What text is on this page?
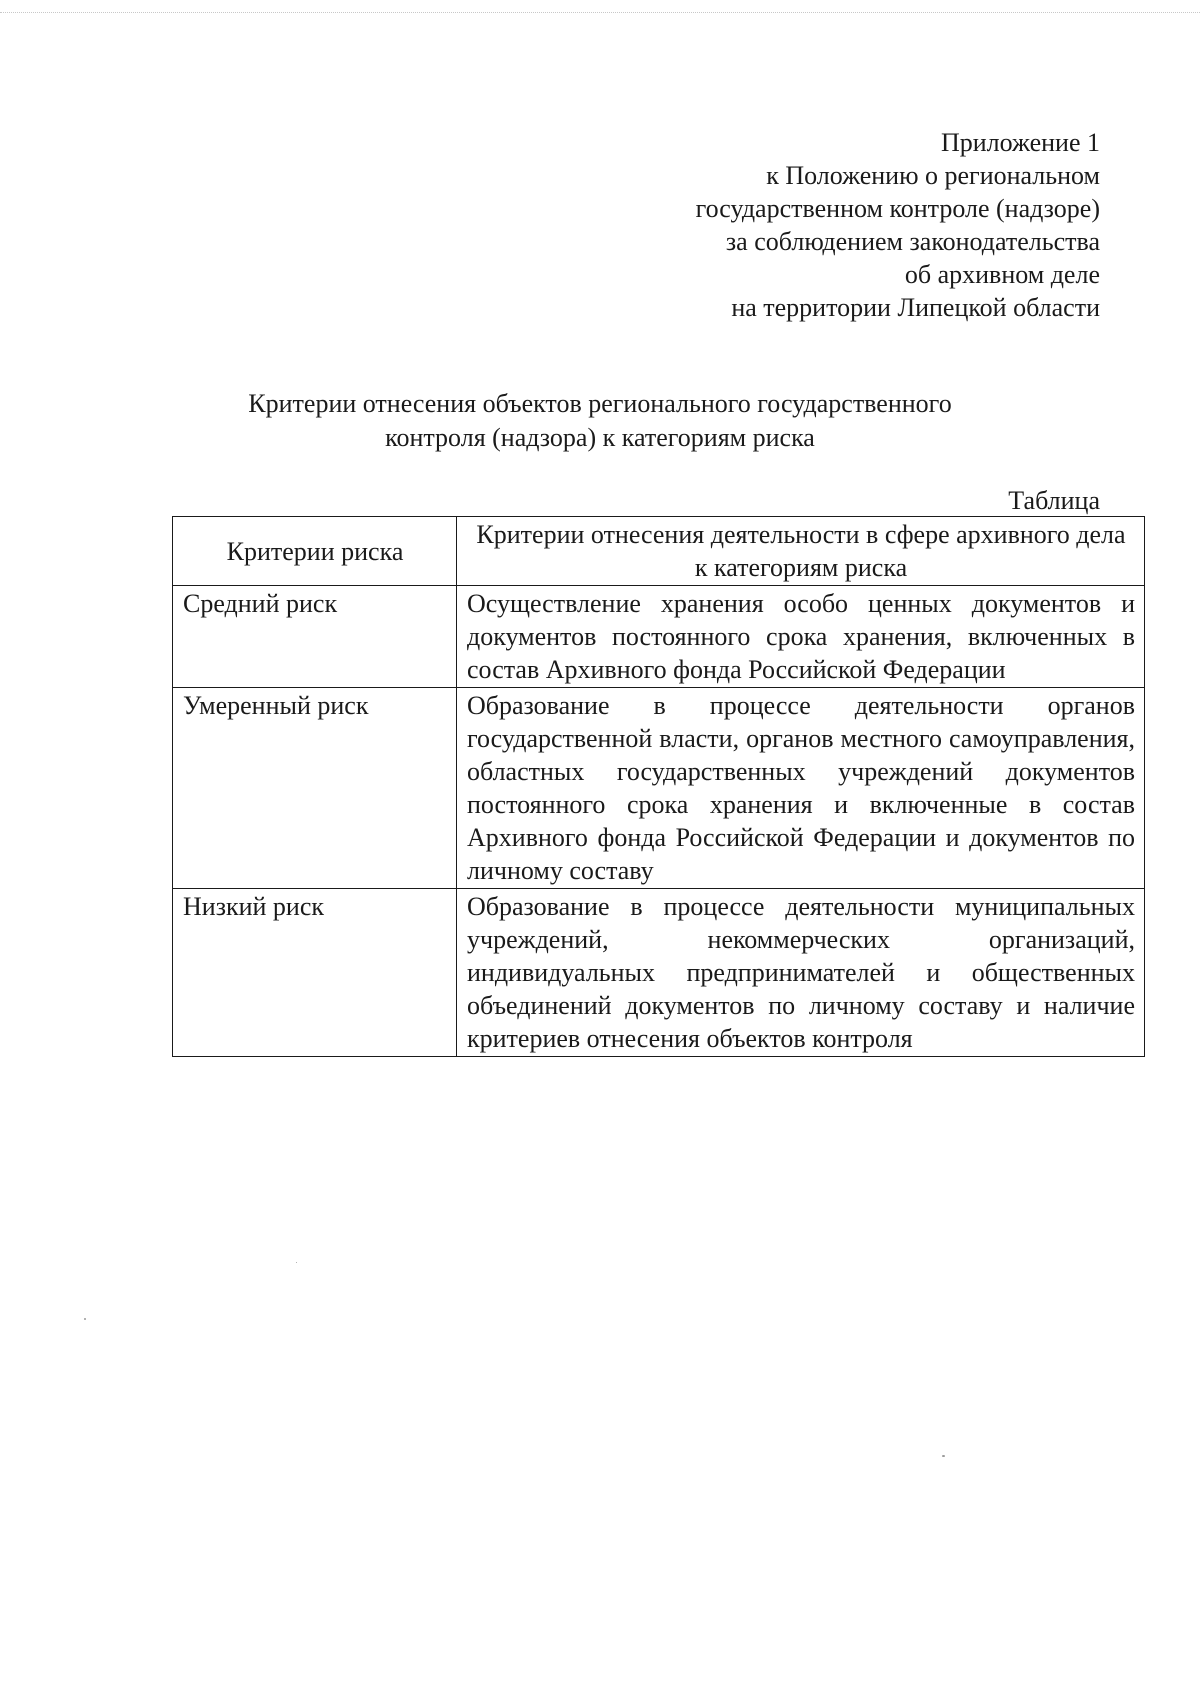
Приложение 1
к Положению о региональном
государственном контроле (надзоре)
за соблюдением законодательства
об архивном деле
на территории Липецкой области
Критерии отнесения объектов регионального государственного
контроля (надзора) к категориям риска
Таблица
Критерии риска	Критерии отнесения деятельности в сфере архивного дела к категориям риска
Средний риск	Осуществление хранения особо ценных документов и документов постоянного срока хранения, включенных в состав Архивного фонда Российской Федерации
Умеренный риск	Образование в процессе деятельности органов государственной власти, органов местного самоуправления, областных государственных учреждений документов постоянного срока хранения и включенные в состав Архивного фонда Российской Федерации и документов по личному составу
Низкий риск	Образование в процессе деятельности муниципальных учреждений, некоммерческих организаций, индивидуальных предпринимателей и общественных объединений документов по личному составу и наличие критериев отнесения объектов контроля
